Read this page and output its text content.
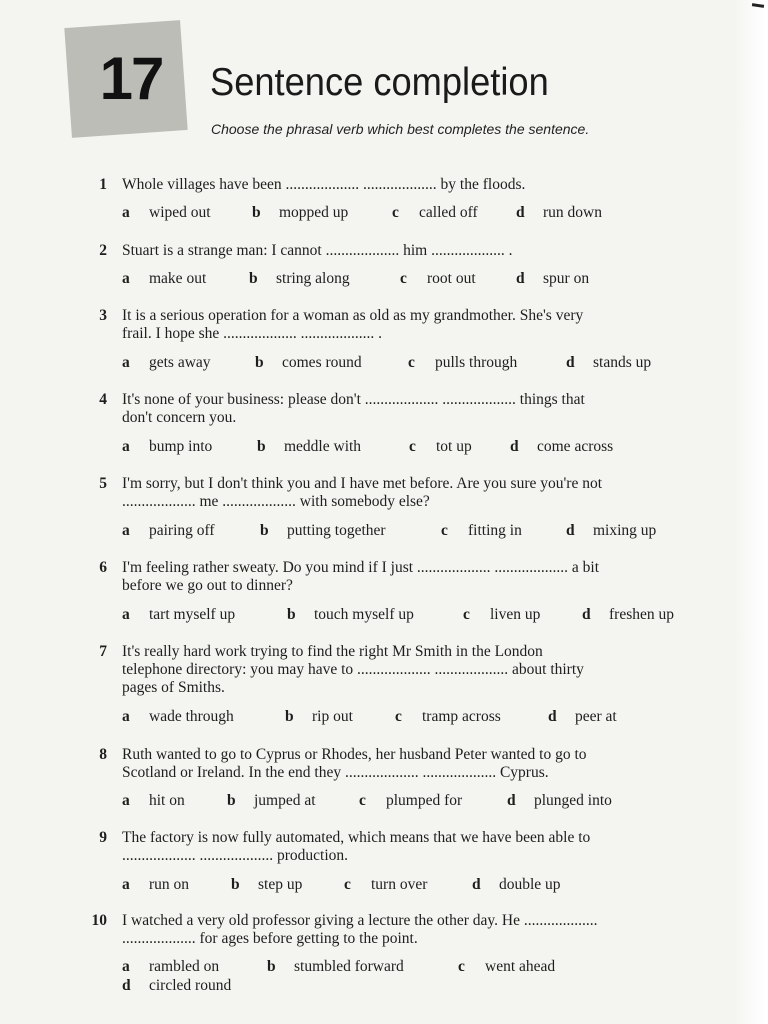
17	Sentence completion
Choose the phrasal verb which best completes the sentence.
1 Whole villages have been ................... ................... by the floods.
a wiped out	b mopped up	c	called off d run down
2 Stuart is a strange man: I cannot ................... him ................... .
a make out	b string along	c	root out	d spur on
3 It is a serious operation for a woman as old as my grandmother. She's very
frail. I hope she ................... ................... .
a gets away	b comes round	c	pulls through	d stands up
4 It's none of your business: please don't ................... ................... things that
don't concern you.
a bump into	b meddle with	c	tot up d come across
5 I'm sorry, but I don't think you and I have met before. Are you sure you're not
................... me ................... with somebody else?
a pairing off	b putting together	c	fitting in	d mixing up
6 I'm feeling rather sweaty. Do you mind if I just ................... ................... a bit
before we go out to dinner?
a tart myself up	b touch myself up	c	liven up	d freshen up
7 It's really hard work trying to find the right Mr Smith in the London
telephone directory: you may have to ................... ................... about thirty
pages of Smiths.
a wade through	b rip out	c	tramp across	d peer at
8 Ruth wanted to go to Cyprus or Rhodes, her husband Peter wanted to go to
Scotland or Ireland. In the end they ................... ................... Cyprus.
a hit on	b jumped at	c	plumped for	d plunged into
9 The factory is now fully automated, which means that we have been able to
................... ................... production.
a run on	b step up	c	turn over	d double up
10 I watched a very old professor giving a lecture the other day. He ...................
................... for ages before getting to the point.
a rambled on	b stumbled forward	c	went ahead
d circled round
